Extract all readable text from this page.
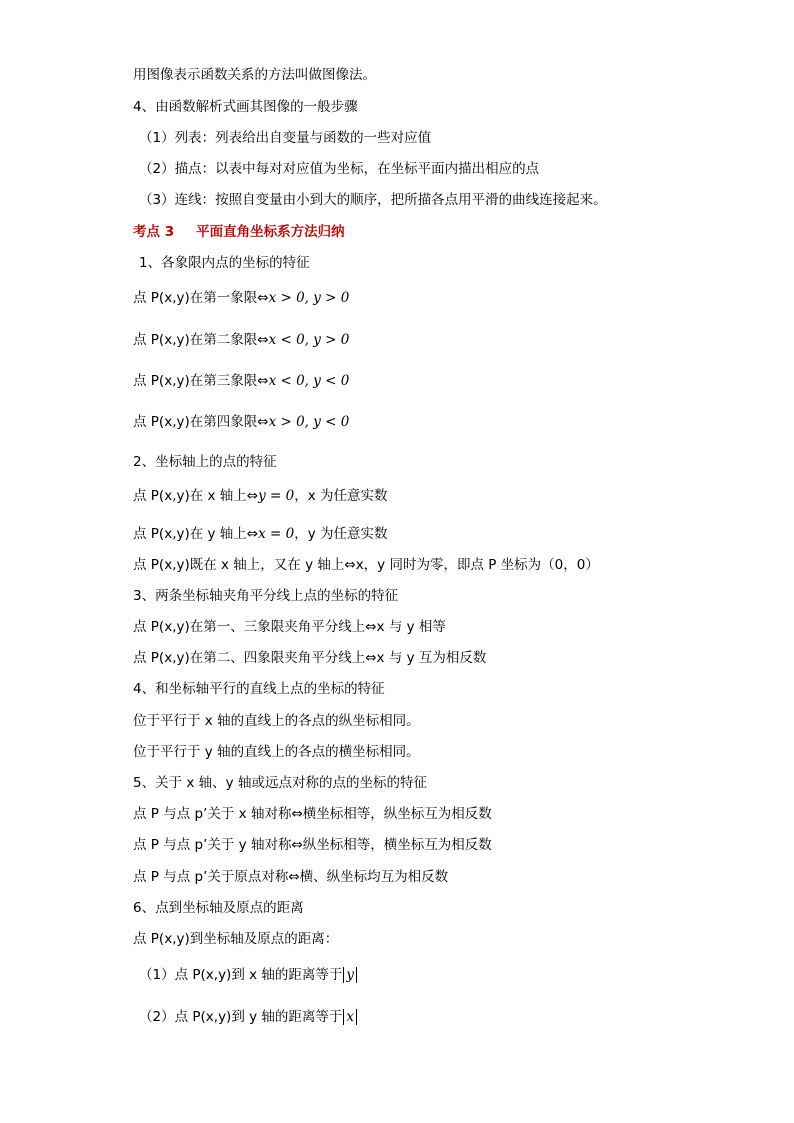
用图像表示函数关系的方法叫做图像法。
4、由函数解析式画其图像的一般步骤
（1）列表：列表给出自变量与函数的一些对应值
（2）描点：以表中每对对应值为坐标，在坐标平面内描出相应的点
（3）连线：按照自变量由小到大的顺序，把所描各点用平滑的曲线连接起来。
考点 3 平面直角坐标系方法归纳
1、各象限内点的坐标的特征
点 P(x,y)在第一象限⇔x > 0, y > 0
点 P(x,y)在第二象限⇔x < 0, y > 0
点 P(x,y)在第三象限⇔x < 0, y < 0
点 P(x,y)在第四象限⇔x > 0, y < 0
2、坐标轴上的点的特征
点 P(x,y)在 x 轴上⇔y = 0，x 为任意实数
点 P(x,y)在 y 轴上⇔x = 0，y 为任意实数
点 P(x,y)既在 x 轴上，又在 y 轴上⇔x，y 同时为零，即点 P 坐标为（0，0）
3、两条坐标轴夹角平分线上点的坐标的特征
点 P(x,y)在第一、三象限夹角平分线上⇔x 与 y 相等
点 P(x,y)在第二、四象限夹角平分线上⇔x 与 y 互为相反数
4、和坐标轴平行的直线上点的坐标的特征
位于平行于 x 轴的直线上的各点的纵坐标相同。
位于平行于 y 轴的直线上的各点的横坐标相同。
5、关于 x 轴、y 轴或远点对称的点的坐标的特征
点 P 与点 p’关于 x 轴对称⇔横坐标相等，纵坐标互为相反数
点 P 与点 p’关于 y 轴对称⇔纵坐标相等，横坐标互为相反数
点 P 与点 p’关于原点对称⇔横、纵坐标均互为相反数
6、点到坐标轴及原点的距离
点 P(x,y)到坐标轴及原点的距离：
（1）点 P(x,y)到 x 轴的距离等于 y
（2）点 P(x,y)到 y 轴的距离等于 x
